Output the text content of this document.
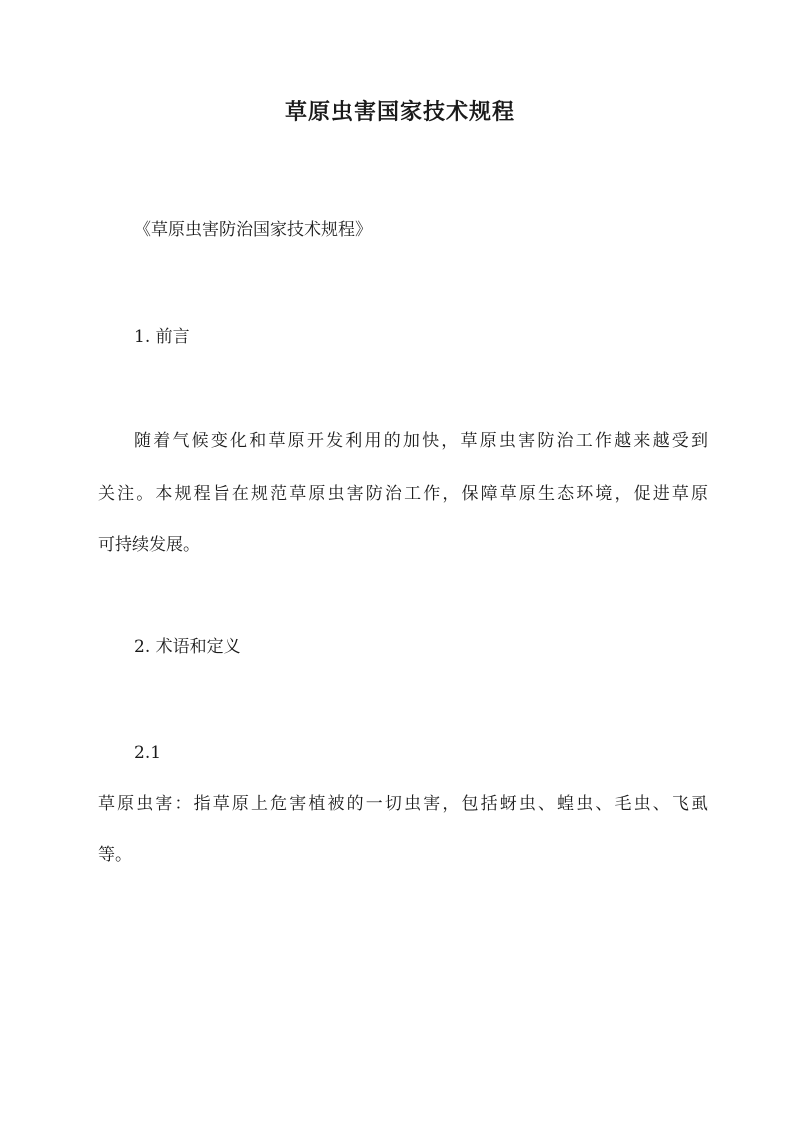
草原虫害国家技术规程
《草原虫害防治国家技术规程》
1. 前言
随着气候变化和草原开发利用的加快，草原虫害防治工作越来越受到
关注。本规程旨在规范草原虫害防治工作，保障草原生态环境，促进草原
可持续发展。
2. 术语和定义
2.1
草原虫害：指草原上危害植被的一切虫害，包括蚜虫、蝗虫、毛虫、飞虱
等。
